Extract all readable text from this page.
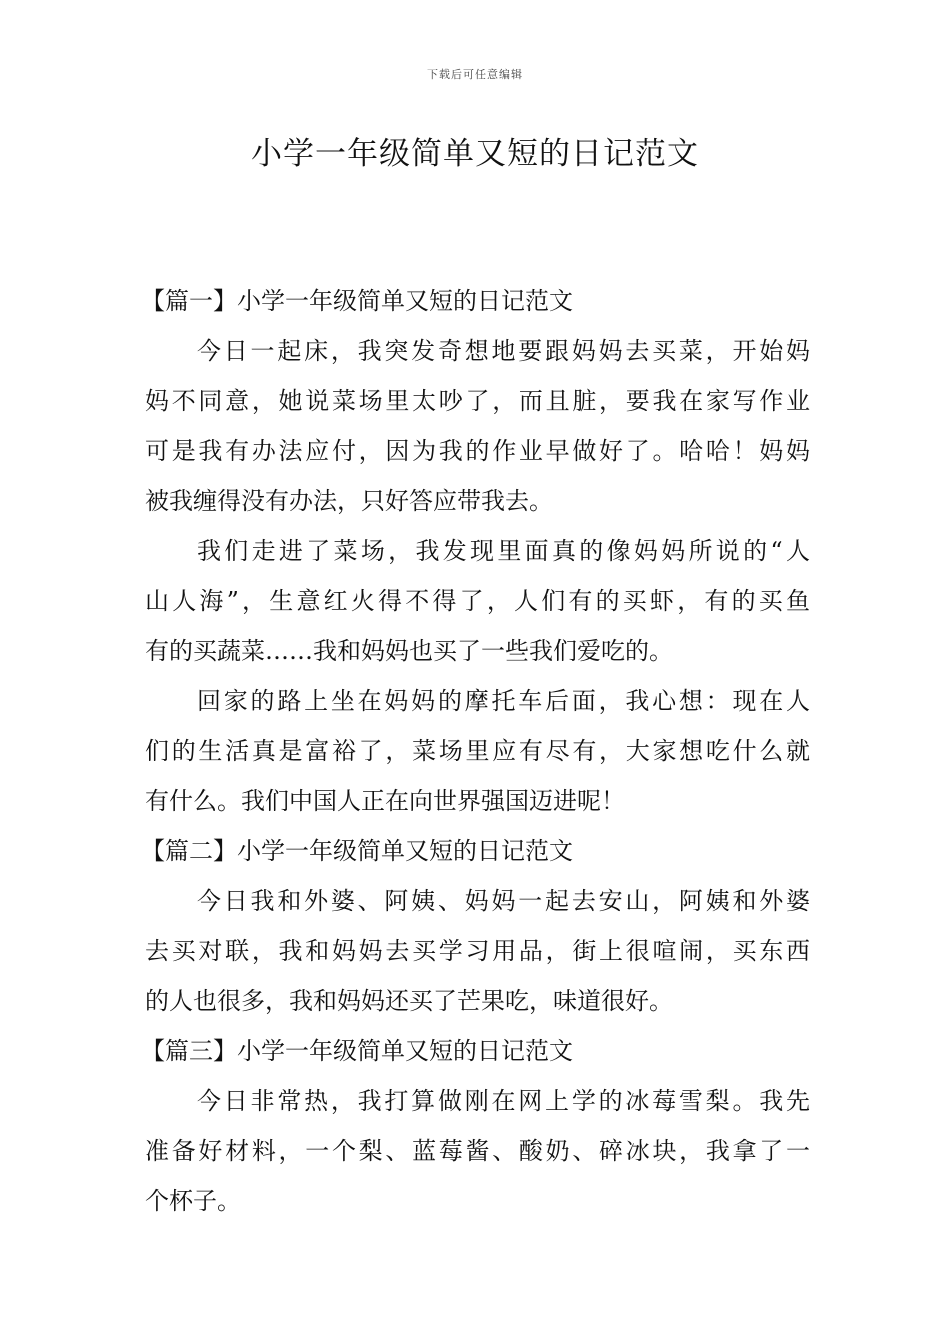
下载后可任意编辑
小学一年级简单又短的日记范文
【篇一】小学一年级简单又短的日记范文
今日一起床，我突发奇想地要跟妈妈去买菜，开始妈
妈不同意，她说菜场里太吵了，而且脏，要我在家写作业
可是我有办法应付，因为我的作业早做好了。哈哈！妈妈
被我缠得没有办法，只好答应带我去。
我们走进了菜场，我发现里面真的像妈妈所说的“人
山人海”，生意红火得不得了，人们有的买虾，有的买鱼
有的买蔬菜……我和妈妈也买了一些我们爱吃的。
回家的路上坐在妈妈的摩托车后面，我心想：现在人
们的生活真是富裕了，菜场里应有尽有，大家想吃什么就
有什么。我们中国人正在向世界强国迈进呢！
【篇二】小学一年级简单又短的日记范文
今日我和外婆、阿姨、妈妈一起去安山，阿姨和外婆
去买对联，我和妈妈去买学习用品，街上很喧闹，买东西
的人也很多，我和妈妈还买了芒果吃，味道很好。
【篇三】小学一年级简单又短的日记范文
今日非常热，我打算做刚在网上学的冰莓雪梨。我先
准备好材料，一个梨、蓝莓酱、酸奶、碎冰块，我拿了一
个杯子。
